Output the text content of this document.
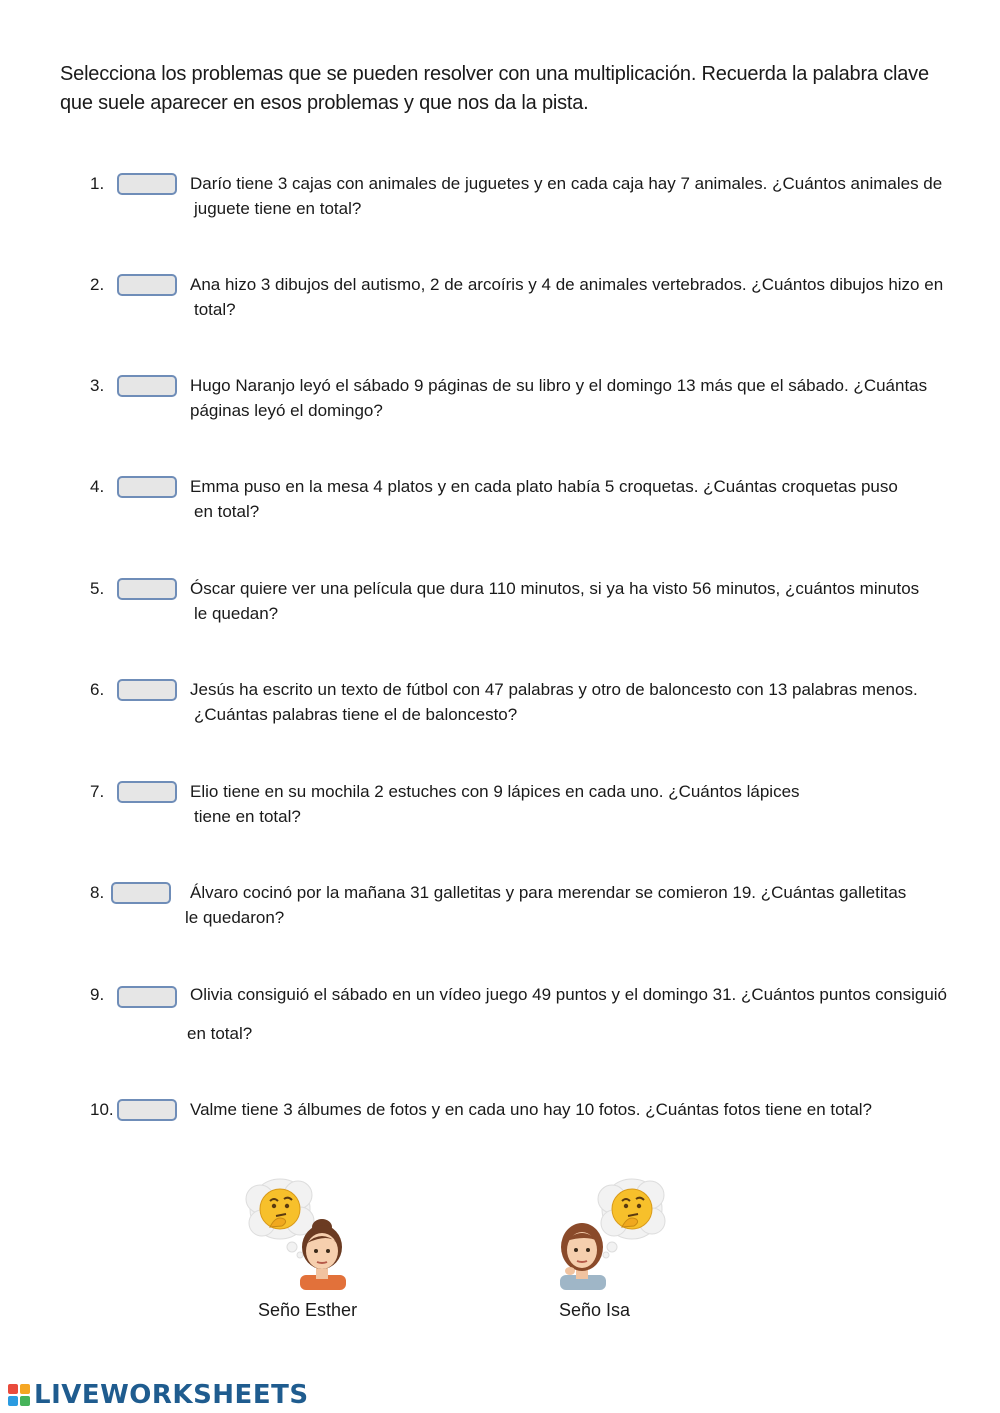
Selecciona los problemas que se pueden resolver con una multiplicación. Recuerda la palabra clave que suele aparecer en esos problemas y que nos da la pista.

1.	Darío tiene 3 cajas con animales de juguetes y en cada caja hay 7 animales. ¿Cuántos animales de
juguete tiene en total?
2.	Ana hizo 3 dibujos del autismo, 2 de arcoíris y 4 de animales vertebrados. ¿Cuántos dibujos hizo en
total?
3.	Hugo Naranjo leyó el sábado 9 páginas de su libro y el domingo 13 más que el sábado. ¿Cuántas
páginas leyó el domingo?
4.	Emma puso en la mesa 4 platos y en cada plato había 5 croquetas. ¿Cuántas croquetas puso
en total?
5.	Óscar quiere ver una película que dura 110 minutos, si ya ha visto 56 minutos, ¿cuántos minutos
le quedan?
6.	Jesús ha escrito un texto de fútbol con 47 palabras y otro de baloncesto con 13 palabras menos.
¿Cuántas palabras tiene el de baloncesto?
7.	Elio tiene en su mochila 2 estuches con 9 lápices en cada uno. ¿Cuántos lápices
tiene en total?
8.	Álvaro cocinó por la mañana 31 galletitas y para merendar se comieron 19. ¿Cuántas galletitas
le quedaron?
9.	Olivia consiguió el sábado en un vídeo juego 49 puntos y el domingo 31. ¿Cuántos puntos consiguió
en total?
10.	Valme tiene 3 álbumes de fotos y en cada uno hay 10 fotos. ¿Cuántas fotos tiene en total?
Seño Esther	Seño Isa
LIVEWORKSHEETS
